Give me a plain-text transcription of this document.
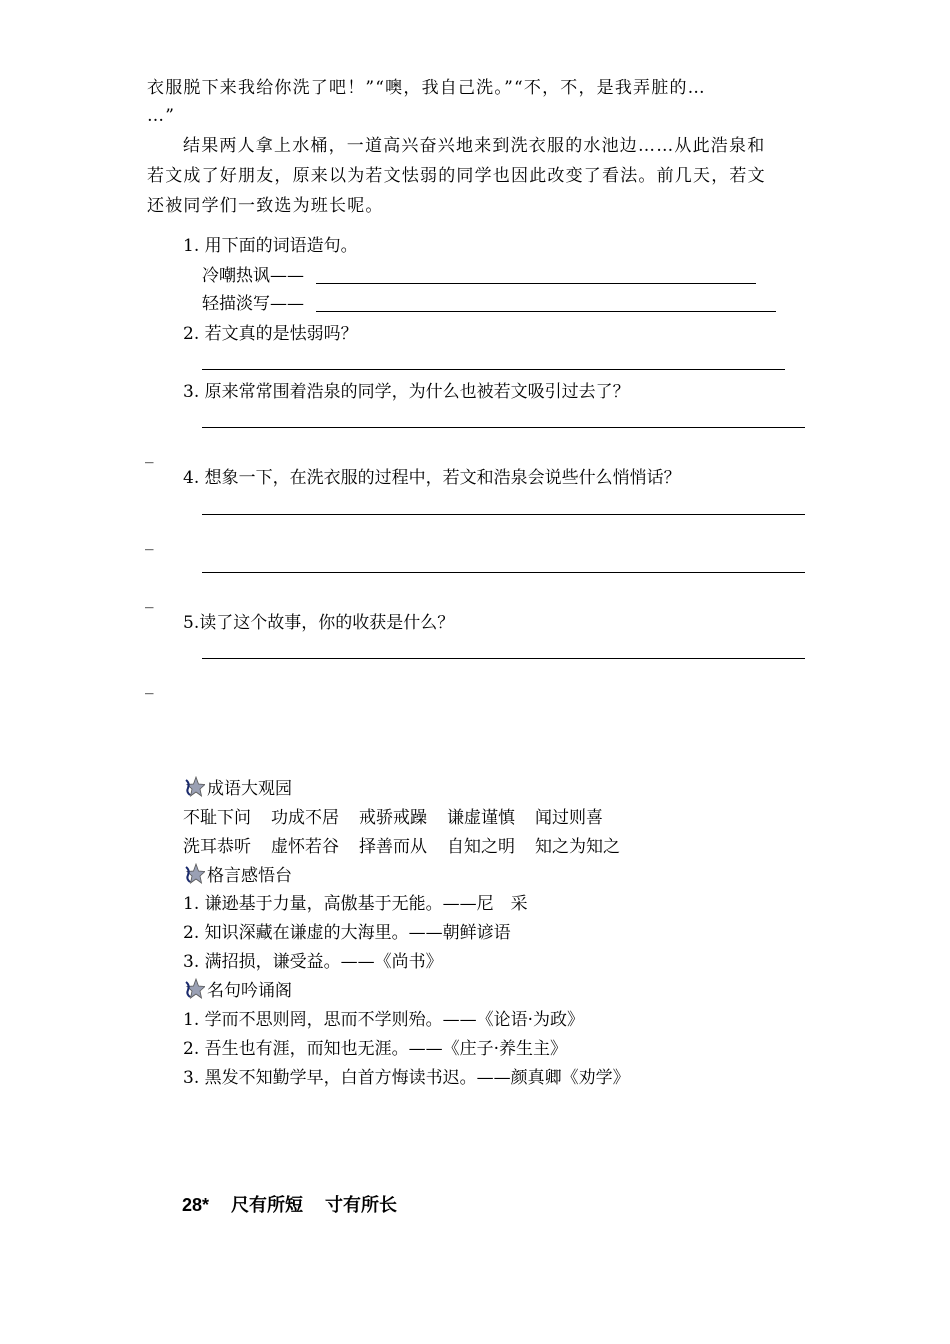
衣服脱下来我给你洗了吧！”“噢，我自己洗。”“不，不，是我弄脏的…
…”
结果两人拿上水桶，一道高兴奋兴地来到洗衣服的水池边……从此浩泉和
若文成了好朋友，原来以为若文怯弱的同学也因此改变了看法。前几天，若文
还被同学们一致选为班长呢。
1. 用下面的词语造句。
冷嘲热讽——
轻描淡写——
2. 若文真的是怯弱吗？
3. 原来常常围着浩泉的同学，为什么也被若文吸引过去了？
_
4. 想象一下，在洗衣服的过程中，若文和浩泉会说些什么悄悄话？
_
_
5.读了这个故事，你的收获是什么？
_
成语大观园
不耻下问 功成不居 戒骄戒躁 谦虚谨慎 闻过则喜
洗耳恭听 虚怀若谷 择善而从 自知之明 知之为知之
格言感悟台
1. 谦逊基于力量，高傲基于无能。——尼　采
2. 知识深藏在谦虚的大海里。——朝鲜谚语
3. 满招损，谦受益。——《尚书》
名句吟诵阁
1. 学而不思则罔，思而不学则殆。——《论语·为政》
2. 吾生也有涯，而知也无涯。——《庄子·养生主》
3. 黑发不知勤学早，白首方悔读书迟。——颜真卿《劝学》
28* 尺有所短 寸有所长
